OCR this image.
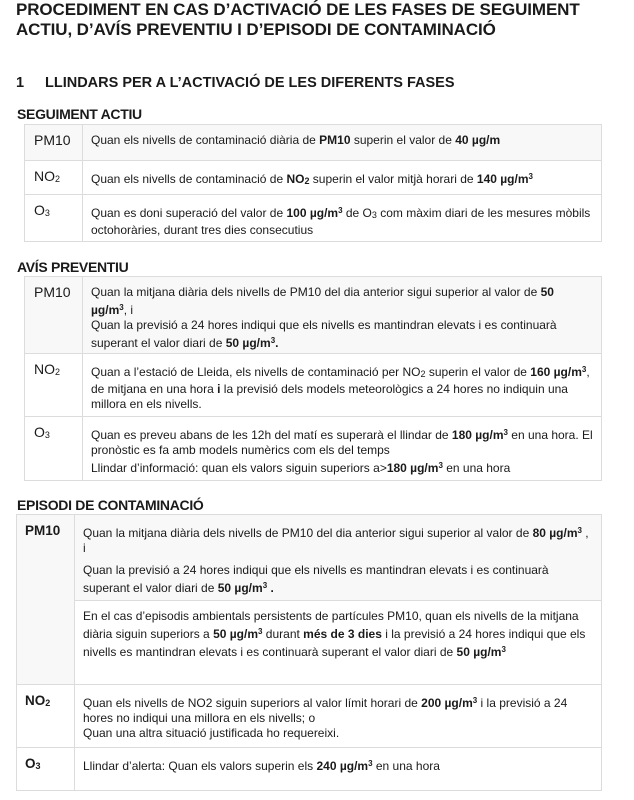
PROCEDIMENT EN CAS D’ACTIVACIÓ DE LES FASES DE SEGUIMENT
ACTIU, D’AVÍS PREVENTIU I D’EPISODI DE CONTAMINACIÓ
1 LLINDARS PER A L’ACTIVACIÓ DE LES DIFERENTS FASES
SEGUIMENT ACTIU
PM10	Quan els nivells de contaminació diària de PM10 superin el valor de 40 µg/m
NO2	Quan els nivells de contaminació de NO2 superin el valor mitjà horari de 140 $\mu g/m^3$
O3	Quan es doni superació del valor de 100 $\mu g/m^3$ de O3 com màxim diari de les mesures mòbils octohoràries, durant tres dies consecutius
AVÍS PREVENTIU
PM10	Quan la mitjana diària dels nivells de PM10 del dia anterior sigui superior al valor de 50 $\mu g/m^3$, i

Quan la previsió a 24 hores indiqui que els nivells es mantindran elevats i es continuarà superant el valor diari de 50 $\mu g/m^3$.

NO2	Quan a l’estació de Lleida, els nivells de contaminació per NO2 superin el valor de 160 $\mu g/m^3$, de mitjana en una hora i la previsió dels models meteorològics a 24 hores no indiquin una millora en els nivells.
O3	Quan es preveu abans de les 12h del matí es superarà el llindar de 180 $\mu g/m^3$ en una hora. El pronòstic es fa amb models numèrics com els del temps

Llindar d’informació: quan els valors siguin superiors a>180 $\mu g/m^3$ en una hora

EPISODI DE CONTAMINACIÓ
PM10	Quan la mitjana diària dels nivells de PM10 del dia anterior sigui superior al valor de 80 $\mu g/m^3$ , i

Quan la previsió a 24 hores indiqui que els nivells es mantindran elevats i es continuarà superant el valor diari de 50 $\mu g/m^3$ .

	En el cas d’episodis ambientals persistents de partícules PM10, quan els nivells de la mitjana diària siguin superiors a 50 $\mu g/m^3$ durant més de 3 dies i la previsió a 24 hores indiqui que els nivells es mantindran elevats i es continuarà superant el valor diari de 50 $\mu g/m^3$
NO2	Quan els nivells de NO2 siguin superiors al valor límit horari de 200 $\mu g/m^3$ i la previsió a 24 hores no indiqui una millora en els nivells; o

Quan una altra situació justificada ho requereixi.

O3	Llindar d’alerta: Quan els valors superin els 240 $\mu g/m^3$ en una hora
